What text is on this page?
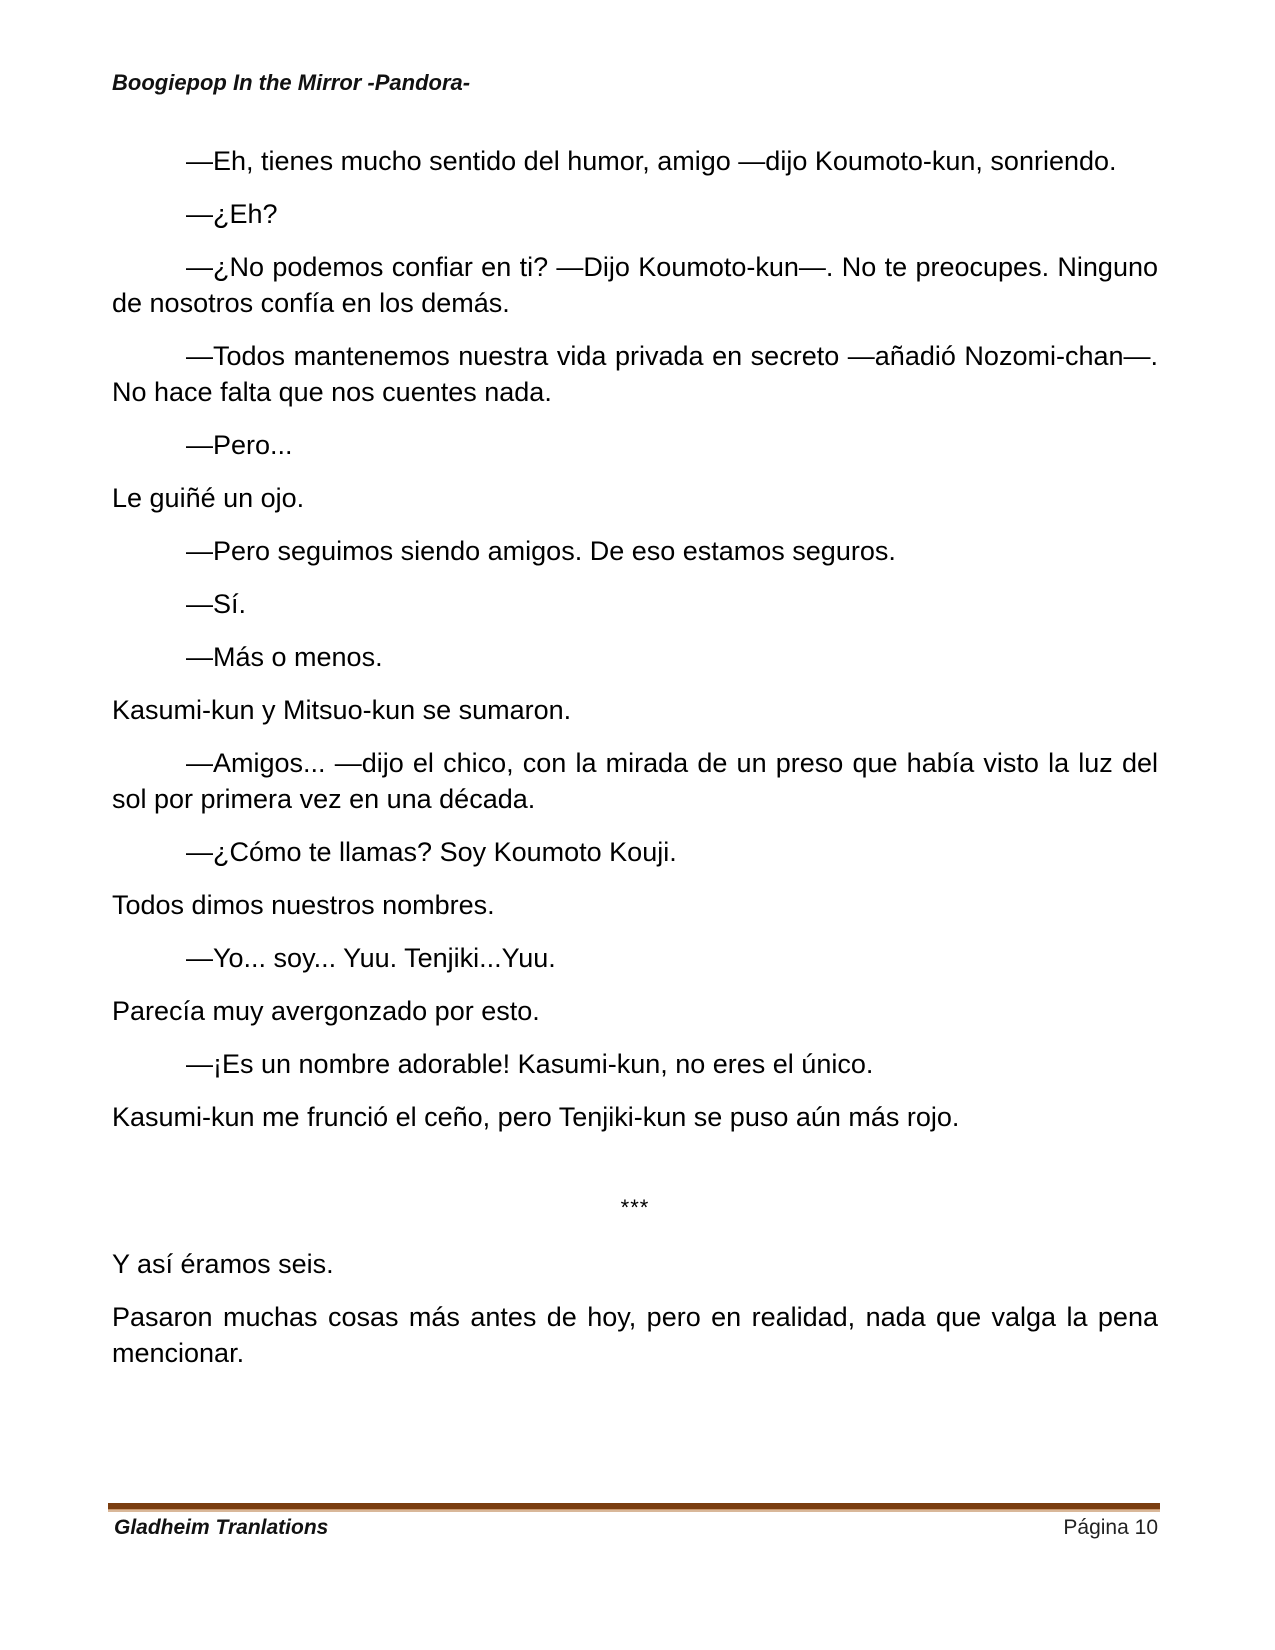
Boogiepop In the Mirror -Pandora-

—Eh, tienes mucho sentido del humor, amigo —dijo Koumoto-kun, sonriendo.

—¿Eh?

—¿No podemos confiar en ti? —Dijo Koumoto-kun—. No te preocupes. Ninguno de nosotros confía en los demás.

—Todos mantenemos nuestra vida privada en secreto —añadió Nozomi-chan—. No hace falta que nos cuentes nada.

—Pero...

Le guiñé un ojo.

—Pero seguimos siendo amigos. De eso estamos seguros.

—Sí.

—Más o menos.

Kasumi-kun y Mitsuo-kun se sumaron.

—Amigos... —dijo el chico, con la mirada de un preso que había visto la luz del sol por primera vez en una década.

—¿Cómo te llamas? Soy Koumoto Kouji.

Todos dimos nuestros nombres.

—Yo... soy... Yuu. Tenjiki...Yuu.

Parecía muy avergonzado por esto.

—¡Es un nombre adorable! Kasumi-kun, no eres el único.

Kasumi-kun me frunció el ceño, pero Tenjiki-kun se puso aún más rojo.

***

Y así éramos seis.

Pasaron muchas cosas más antes de hoy, pero en realidad, nada que valga la pena mencionar.

Gladheim Tranlations	Página 10
